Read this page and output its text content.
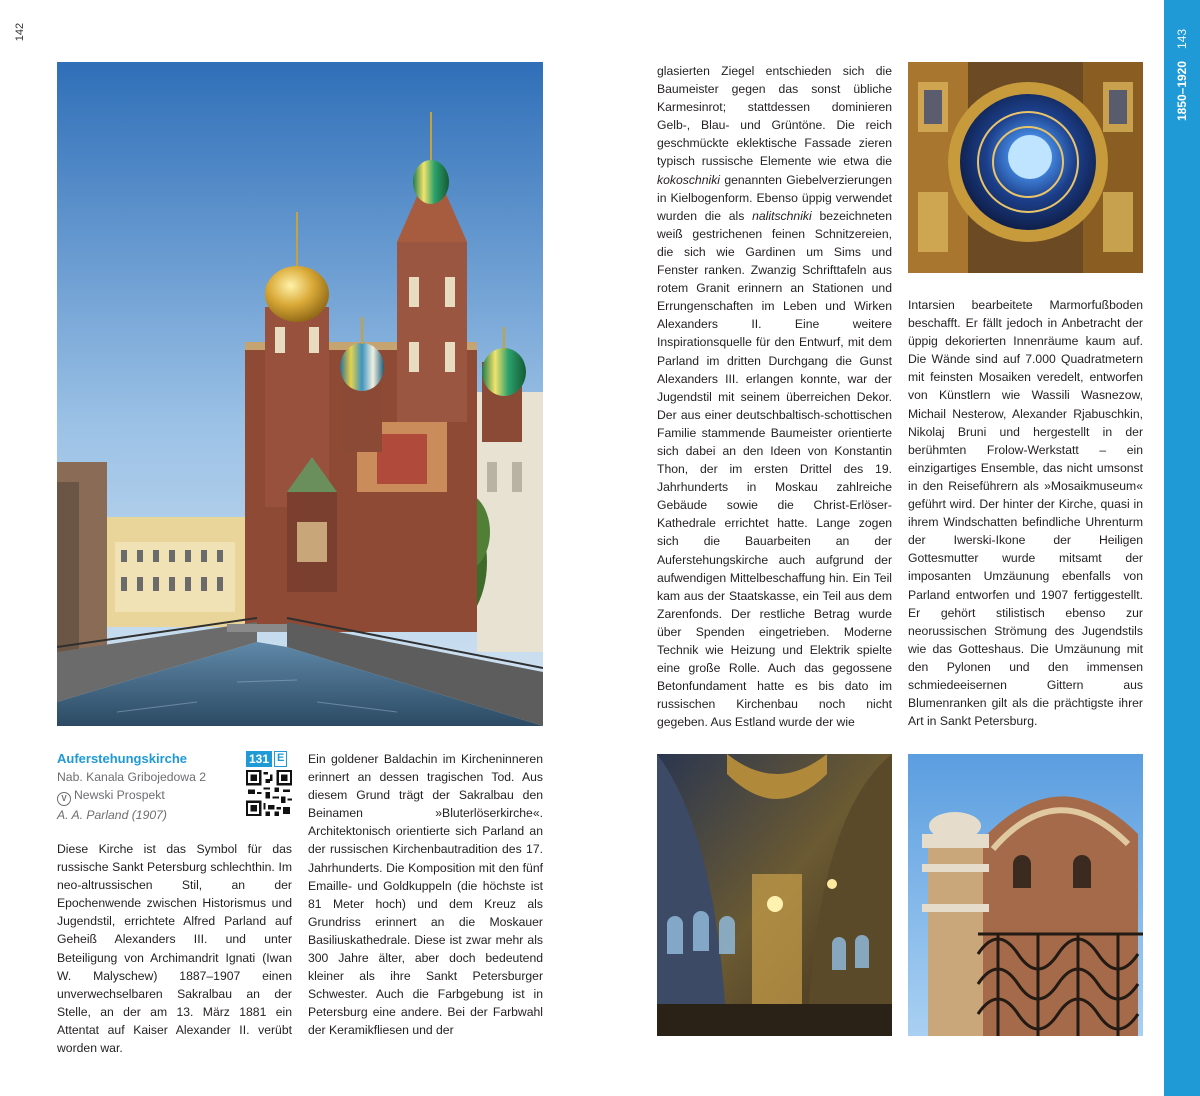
142
1850–1920143
Auferstehungskirche
Nab. Kanala Gribojedowa 2
V Newski Prospekt
A. A. Parland (1907)
131 E

Diese Kirche ist das Symbol für das russische Sankt Petersburg schlechthin. Im neo-altrussischen Stil, an der Epochenwende zwischen Historismus und Jugendstil, errichtete Alfred Parland auf Geheiß Alexanders III. und unter Beteiligung von Archimandrit Ignati (Iwan W. Malyschew) 1887–1907 einen unverwechselbaren Sakralbau an der Stelle, an der am 13. März 1881 ein Attentat auf Kaiser Alexander II. verübt worden war.

Ein goldener Baldachin im Kircheninneren erinnert an dessen tragischen Tod. Aus diesem Grund trägt der Sakralbau den Beinamen »Bluterlöserkirche«. Architektonisch orientierte sich Parland an der russischen Kirchenbautradition des 17. Jahrhunderts. Die Komposition mit den fünf Emaille- und Goldkuppeln (die höchste ist 81 Meter hoch) und dem Kreuz als Grundriss erinnert an die Moskauer Basiliuskathedrale. Diese ist zwar mehr als 300 Jahre älter, aber doch bedeutend kleiner als ihre Sankt Petersburger Schwester. Auch die Farbgebung ist in Petersburg eine andere. Bei der Farbwahl der Keramikfliesen und der

glasierten Ziegel entschieden sich die Baumeister gegen das sonst übliche Karmesinrot; stattdessen dominieren Gelb-, Blau- und Grüntöne. Die reich geschmückte eklektische Fassade zieren typisch russische Elemente wie etwa die kokoschniki genannten Giebelverzierungen in Kielbogenform. Ebenso üppig verwendet wurden die als nalitschniki bezeichneten weiß gestrichenen feinen Schnitzereien, die sich wie Gardinen um Sims und Fenster ranken. Zwanzig Schrifttafeln aus rotem Granit erinnern an Stationen und Errungenschaften im Leben und Wirken Alexanders II. Eine weitere Inspirationsquelle für den Entwurf, mit dem Parland im dritten Durchgang die Gunst Alexanders III. erlangen konnte, war der Jugendstil mit seinem überreichen Dekor. Der aus einer deutschbaltisch-schottischen Familie stammende Baumeister orientierte sich dabei an den Ideen von Konstantin Thon, der im ersten Drittel des 19. Jahrhunderts in Moskau zahlreiche Gebäude sowie die Christ-Erlöser-Kathedrale errichtet hatte. Lange zogen sich die Bauarbeiten an der Auferstehungskirche auch aufgrund der aufwendigen Mittelbeschaffung hin. Ein Teil kam aus der Staatskasse, ein Teil aus dem Zarenfonds. Der restliche Betrag wurde über Spenden eingetrieben. Moderne Technik wie Heizung und Elektrik spielte eine große Rolle. Auch das gegossene Betonfundament hatte es bis dato im russischen Kirchenbau noch nicht gegeben. Aus Estland wurde der wie

Intarsien bearbeitete Marmorfußboden beschafft. Er fällt jedoch in Anbetracht der üppig dekorierten Innenräume kaum auf. Die Wände sind auf 7.000 Quadratmetern mit feinsten Mosaiken veredelt, entworfen von Künstlern wie Wassili Wasnezow, Michail Nesterow, Alexander Rjabuschkin, Nikolaj Bruni und hergestellt in der berühmten Frolow-Werkstatt – ein einzigartiges Ensemble, das nicht umsonst in den Reiseführern als »Mosaikmuseum« geführt wird. Der hinter der Kirche, quasi in ihrem Windschatten befindliche Uhrenturm der Iwerski-Ikone der Heiligen Gottesmutter wurde mitsamt der imposanten Umzäunung ebenfalls von Parland entworfen und 1907 fertiggestellt. Er gehört stilistisch ebenso zur neorussischen Strömung des Jugendstils wie das Gotteshaus. Die Umzäunung mit den Pylonen und den immensen schmiedeeisernen Gittern aus Blumenranken gilt als die prächtigste ihrer Art in Sankt Petersburg.
